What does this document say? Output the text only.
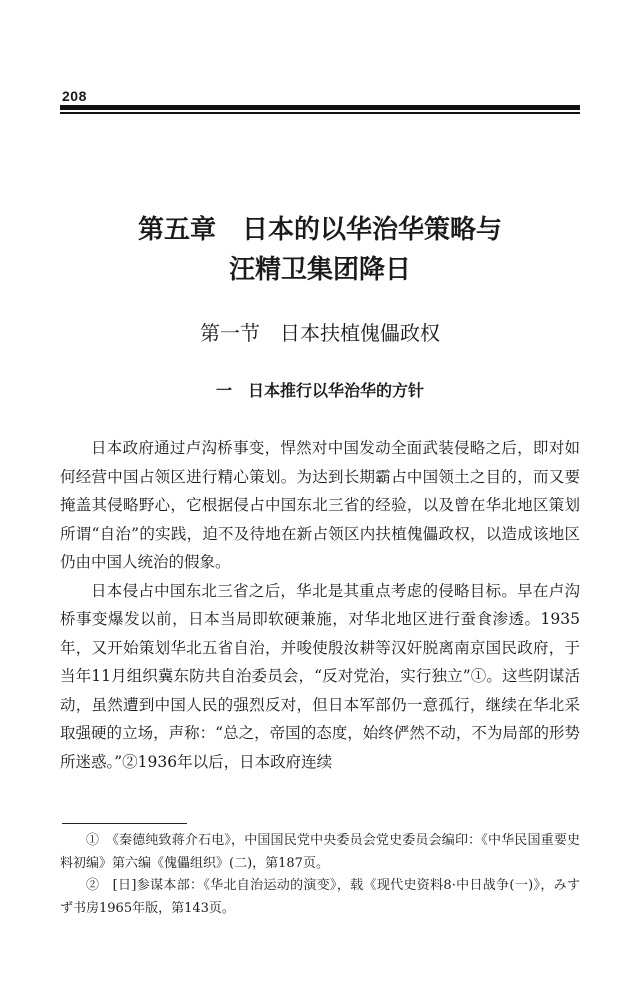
208
第五章　日本的以华治华策略与
汪精卫集团降日
第一节　日本扶植傀儡政权
一　日本推行以华治华的方针

日本政府通过卢沟桥事变，悍然对中国发动全面武装侵略之后，即对如何经营中国占领区进行精心策划。为达到长期霸占中国领土之目的，而又要掩盖其侵略野心，它根据侵占中国东北三省的经验，以及曾在华北地区策划所谓“自治”的实践，迫不及待地在新占领区内扶植傀儡政权，以造成该地区仍由中国人统治的假象。

日本侵占中国东北三省之后，华北是其重点考虑的侵略目标。早在卢沟桥事变爆发以前，日本当局即软硬兼施，对华北地区进行蚕食渗透。1935年，又开始策划华北五省自治，并唆使殷汝耕等汉奸脱离南京国民政府，于当年11月组织冀东防共自治委员会，“反对党治，实行独立”①。这些阴谋活动，虽然遭到中国人民的强烈反对，但日本军部仍一意孤行，继续在华北采取强硬的立场，声称：“总之，帝国的态度，始终俨然不动，不为局部的形势所迷惑。”②1936年以后，日本政府连续

①　《秦德纯致蒋介石电》，中国国民党中央委员会党史委员会编印：《中华民国重要史料初编》第六编《傀儡组织》(二)，第187页。

②　[日]参谋本部：《华北自治运动的演变》，载《现代史资料8·中日战争(一)》，みすず书房1965年版，第143页。
